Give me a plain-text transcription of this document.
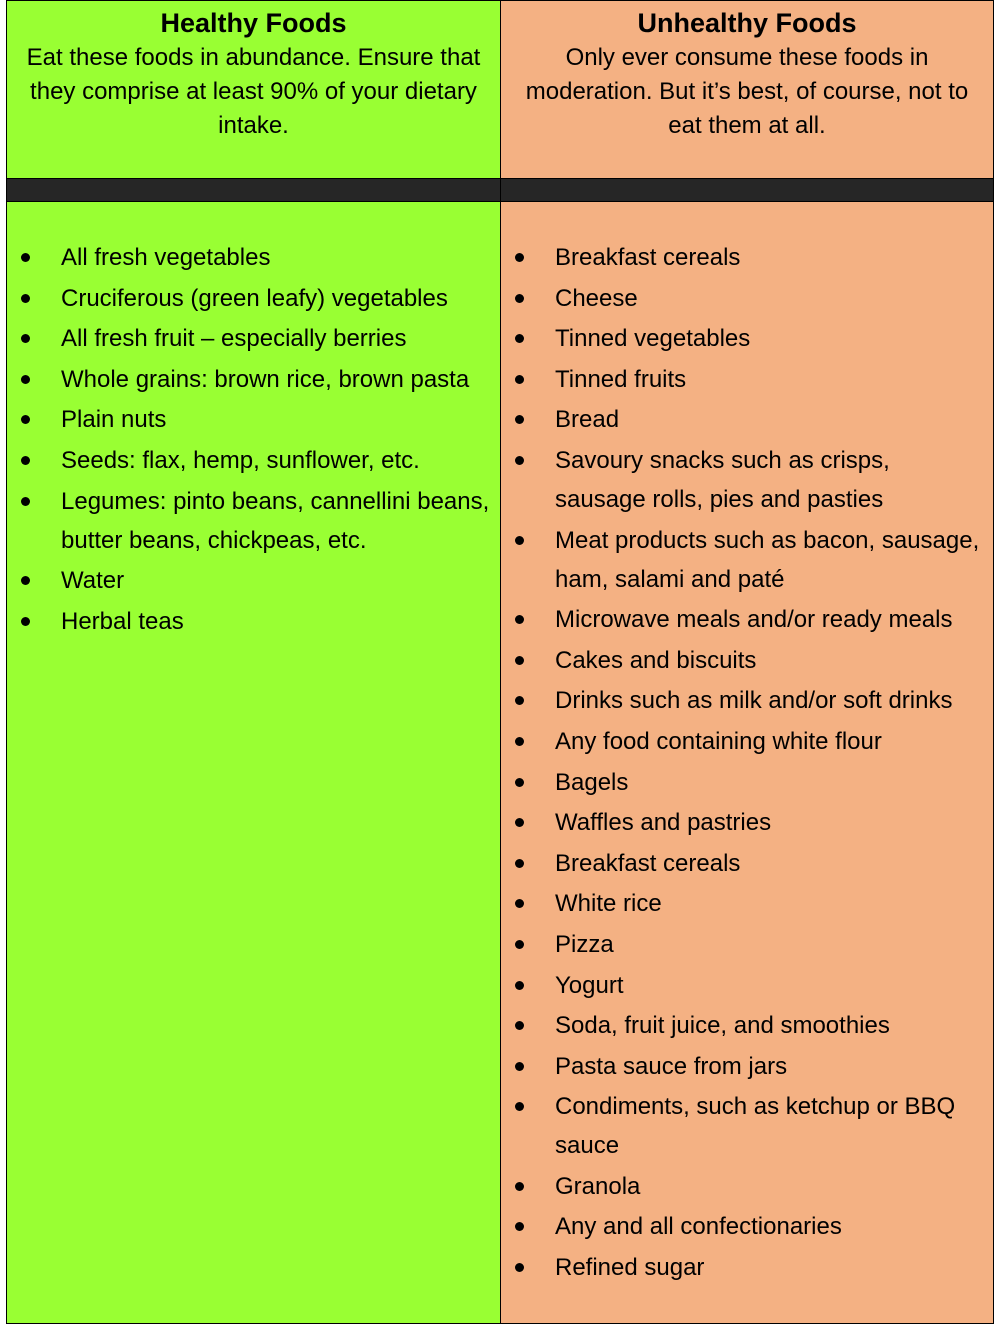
Healthy Foods

Eat these foods in abundance. Ensure that they comprise at least 90% of your dietary intake.

All fresh vegetables
Cruciferous (green leafy) vegetables
All fresh fruit – especially berries
Whole grains: brown rice, brown pasta
Plain nuts
Seeds: flax, hemp, sunflower, etc.
Legumes: pinto beans, cannellini beans, butter beans, chickpeas, etc.
Water
Herbal teas

Unhealthy Foods

Only ever consume these foods in moderation. But it’s best, of course, not to eat them at all.

Breakfast cereals
Cheese
Tinned vegetables
Tinned fruits
Bread
Savoury snacks such as crisps, sausage rolls, pies and pasties
Meat products such as bacon, sausage, ham, salami and paté
Microwave meals and/or ready meals
Cakes and biscuits
Drinks such as milk and/or soft drinks
Any food containing white flour
Bagels
Waffles and pastries
Breakfast cereals
White rice
Pizza
Yogurt
Soda, fruit juice, and smoothies
Pasta sauce from jars
Condiments, such as ketchup or BBQ sauce
Granola
Any and all confectionaries
Refined sugar
